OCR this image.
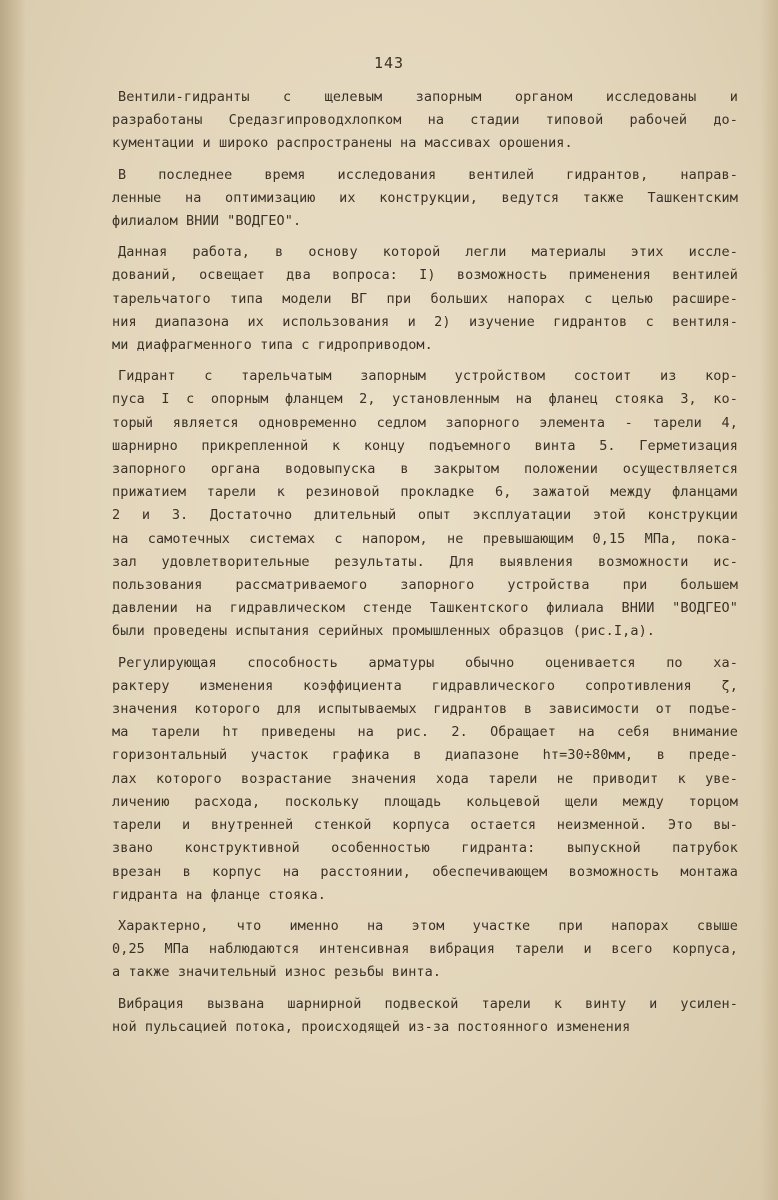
143
Вентили-гидранты с щелевым запорным органом исследованы и
разработаны Средазгипроводхлопком на стадии типовой рабочей до-
кументации и широко распространены на массивах орошения.
В последнее время исследования вентилей гидрантов, направ-
ленные на оптимизацию их конструкции, ведутся также Ташкентским
филиалом ВНИИ "ВОДГЕО".
Данная работа, в основу которой легли материалы этих иссле-
дований, освещает два вопроса: I) возможность применения вентилей
тарельчатого типа модели ВГ при больших напорах с целью расшире-
ния диапазона их использования и 2) изучение гидрантов с вентиля-
ми диафрагменного типа с гидроприводом.
Гидрант с тарельчатым запорным устройством состоит из кор-
пуса I с опорным фланцем 2, установленным на фланец стояка 3, ко-
торый является одновременно седлом запорного элемента - тарели 4,
шарнирно прикрепленной к концу подъемного винта 5. Герметизация
запорного органа водовыпуска в закрытом положении осуществляется
прижатием тарели к резиновой прокладке 6, зажатой между фланцами
2 и 3. Достаточно длительный опыт эксплуатации этой конструкции
на самотечных системах с напором, не превышающим 0,15 МПа, пока-
зал удовлетворительные результаты. Для выявления возможности ис-
пользования рассматриваемого запорного устройства при большем
давлении на гидравлическом стенде Ташкентского филиала ВНИИ "ВОДГЕО"
были проведены испытания серийных промышленных образцов (рис.I,а).
Регулирующая способность арматуры обычно оценивается по ха-
рактеру изменения коэффициента гидравлического сопротивления ζ,
значения которого для испытываемых гидрантов в зависимости от подъе-
ма тарели hт приведены на рис. 2. Обращает на себя внимание
горизонтальный участок графика в диапазоне hт=30÷80мм, в преде-
лах которого возрастание значения хода тарели не приводит к уве-
личению расхода, поскольку площадь кольцевой щели между торцом
тарели и внутренней стенкой корпуса остается неизменной. Это вы-
звано конструктивной особенностью гидранта: выпускной патрубок
врезан в корпус на расстоянии, обеспечивающем возможность монтажа
гидранта на фланце стояка.
Характерно, что именно на этом участке при напорах свыше
0,25 МПа наблюдаются интенсивная вибрация тарели и всего корпуса,
а также значительный износ резьбы винта.
Вибрация вызвана шарнирной подвеской тарели к винту и усилен-
ной пульсацией потока, происходящей из-за постоянного изменения
